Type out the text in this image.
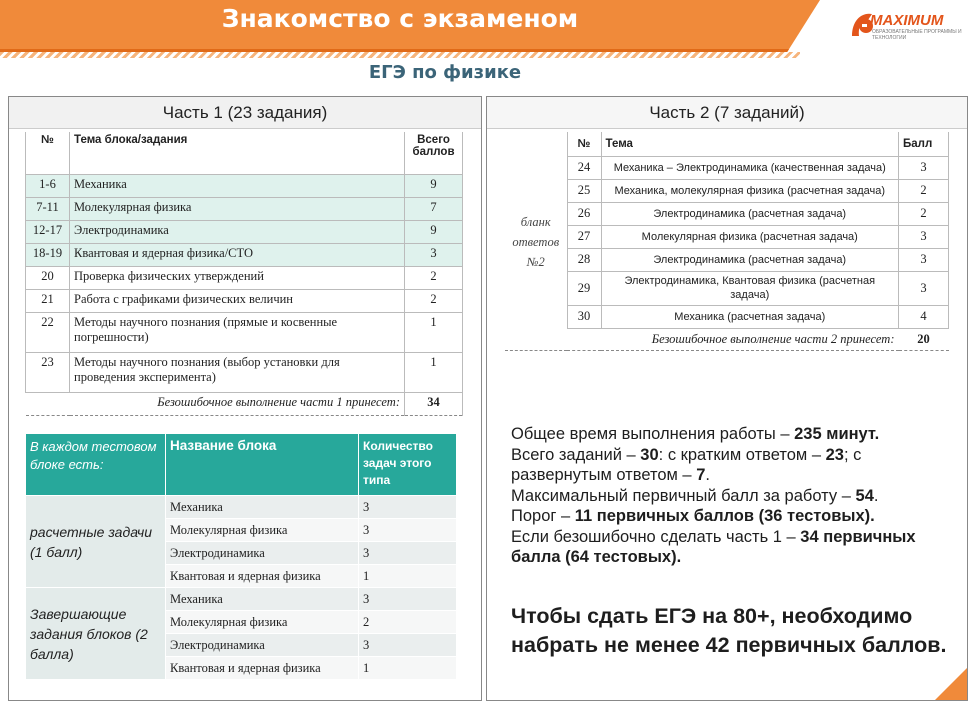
Знакомство с экзаменом	MAXIMUM
ОБРАЗОВАТЕЛЬНЫЕ ПРОГРАММЫ И ТЕХНОЛОГИИ
ЕГЭ по физике
Часть 1 (23 задания)
№	Тема блока/задания	Всего баллов
1-6	Механика	9
7-11	Молекулярная физика	7
12-17	Электродинамика	9
18-19	Квантовая и ядерная физика/СТО	3
20	Проверка физических утверждений	2
21	Работа с графиками физических величин	2
22	Методы научного познания (прямые и косвенные погрешности)	1
23	Методы научного познания (выбор установки для проведения эксперимента)	1
Безошибочное выполнение части 1 принесет:		34
В каждом тестовом блоке есть:	Название блока	Количество задач этого типа
расчетные задачи (1 балл)	Механика	3
	Молекулярная физика	3
	Электродинамика	3
	Квантовая и ядерная физика	1
Завершающие задания блоков (2 балла)	Механика	3
	Молекулярная физика	2
	Электродинамика	3
	Квантовая и ядерная физика	1
Часть 2 (7 заданий)
	№	Тема	Балл
бланк ответов №2	24	Механика – Электродинамика (качественная задача)	3
	25	Механика, молекулярная физика (расчетная задача)	2
	26	Электродинамика (расчетная задача)	2
	27	Молекулярная физика (расчетная задача)	3
	28	Электродинамика (расчетная задача)	3
	29	Электродинамика, Квантовая физика (расчетная задача)	3
	30	Механика (расчетная задача)	4
Безошибочное выполнение части 2 принесет:			20
Общее время выполнения работы – 235 минут.
Всего заданий – 30: с кратким ответом – 23; с развернутым ответом – 7.
Максимальный первичный балл за работу – 54.
Порог – 11 первичных баллов (36 тестовых).
Если безошибочно сделать часть 1 – 34 первичных балла (64 тестовых).
Чтобы сдать ЕГЭ на 80+, необходимо набрать не менее 42 первичных баллов.
